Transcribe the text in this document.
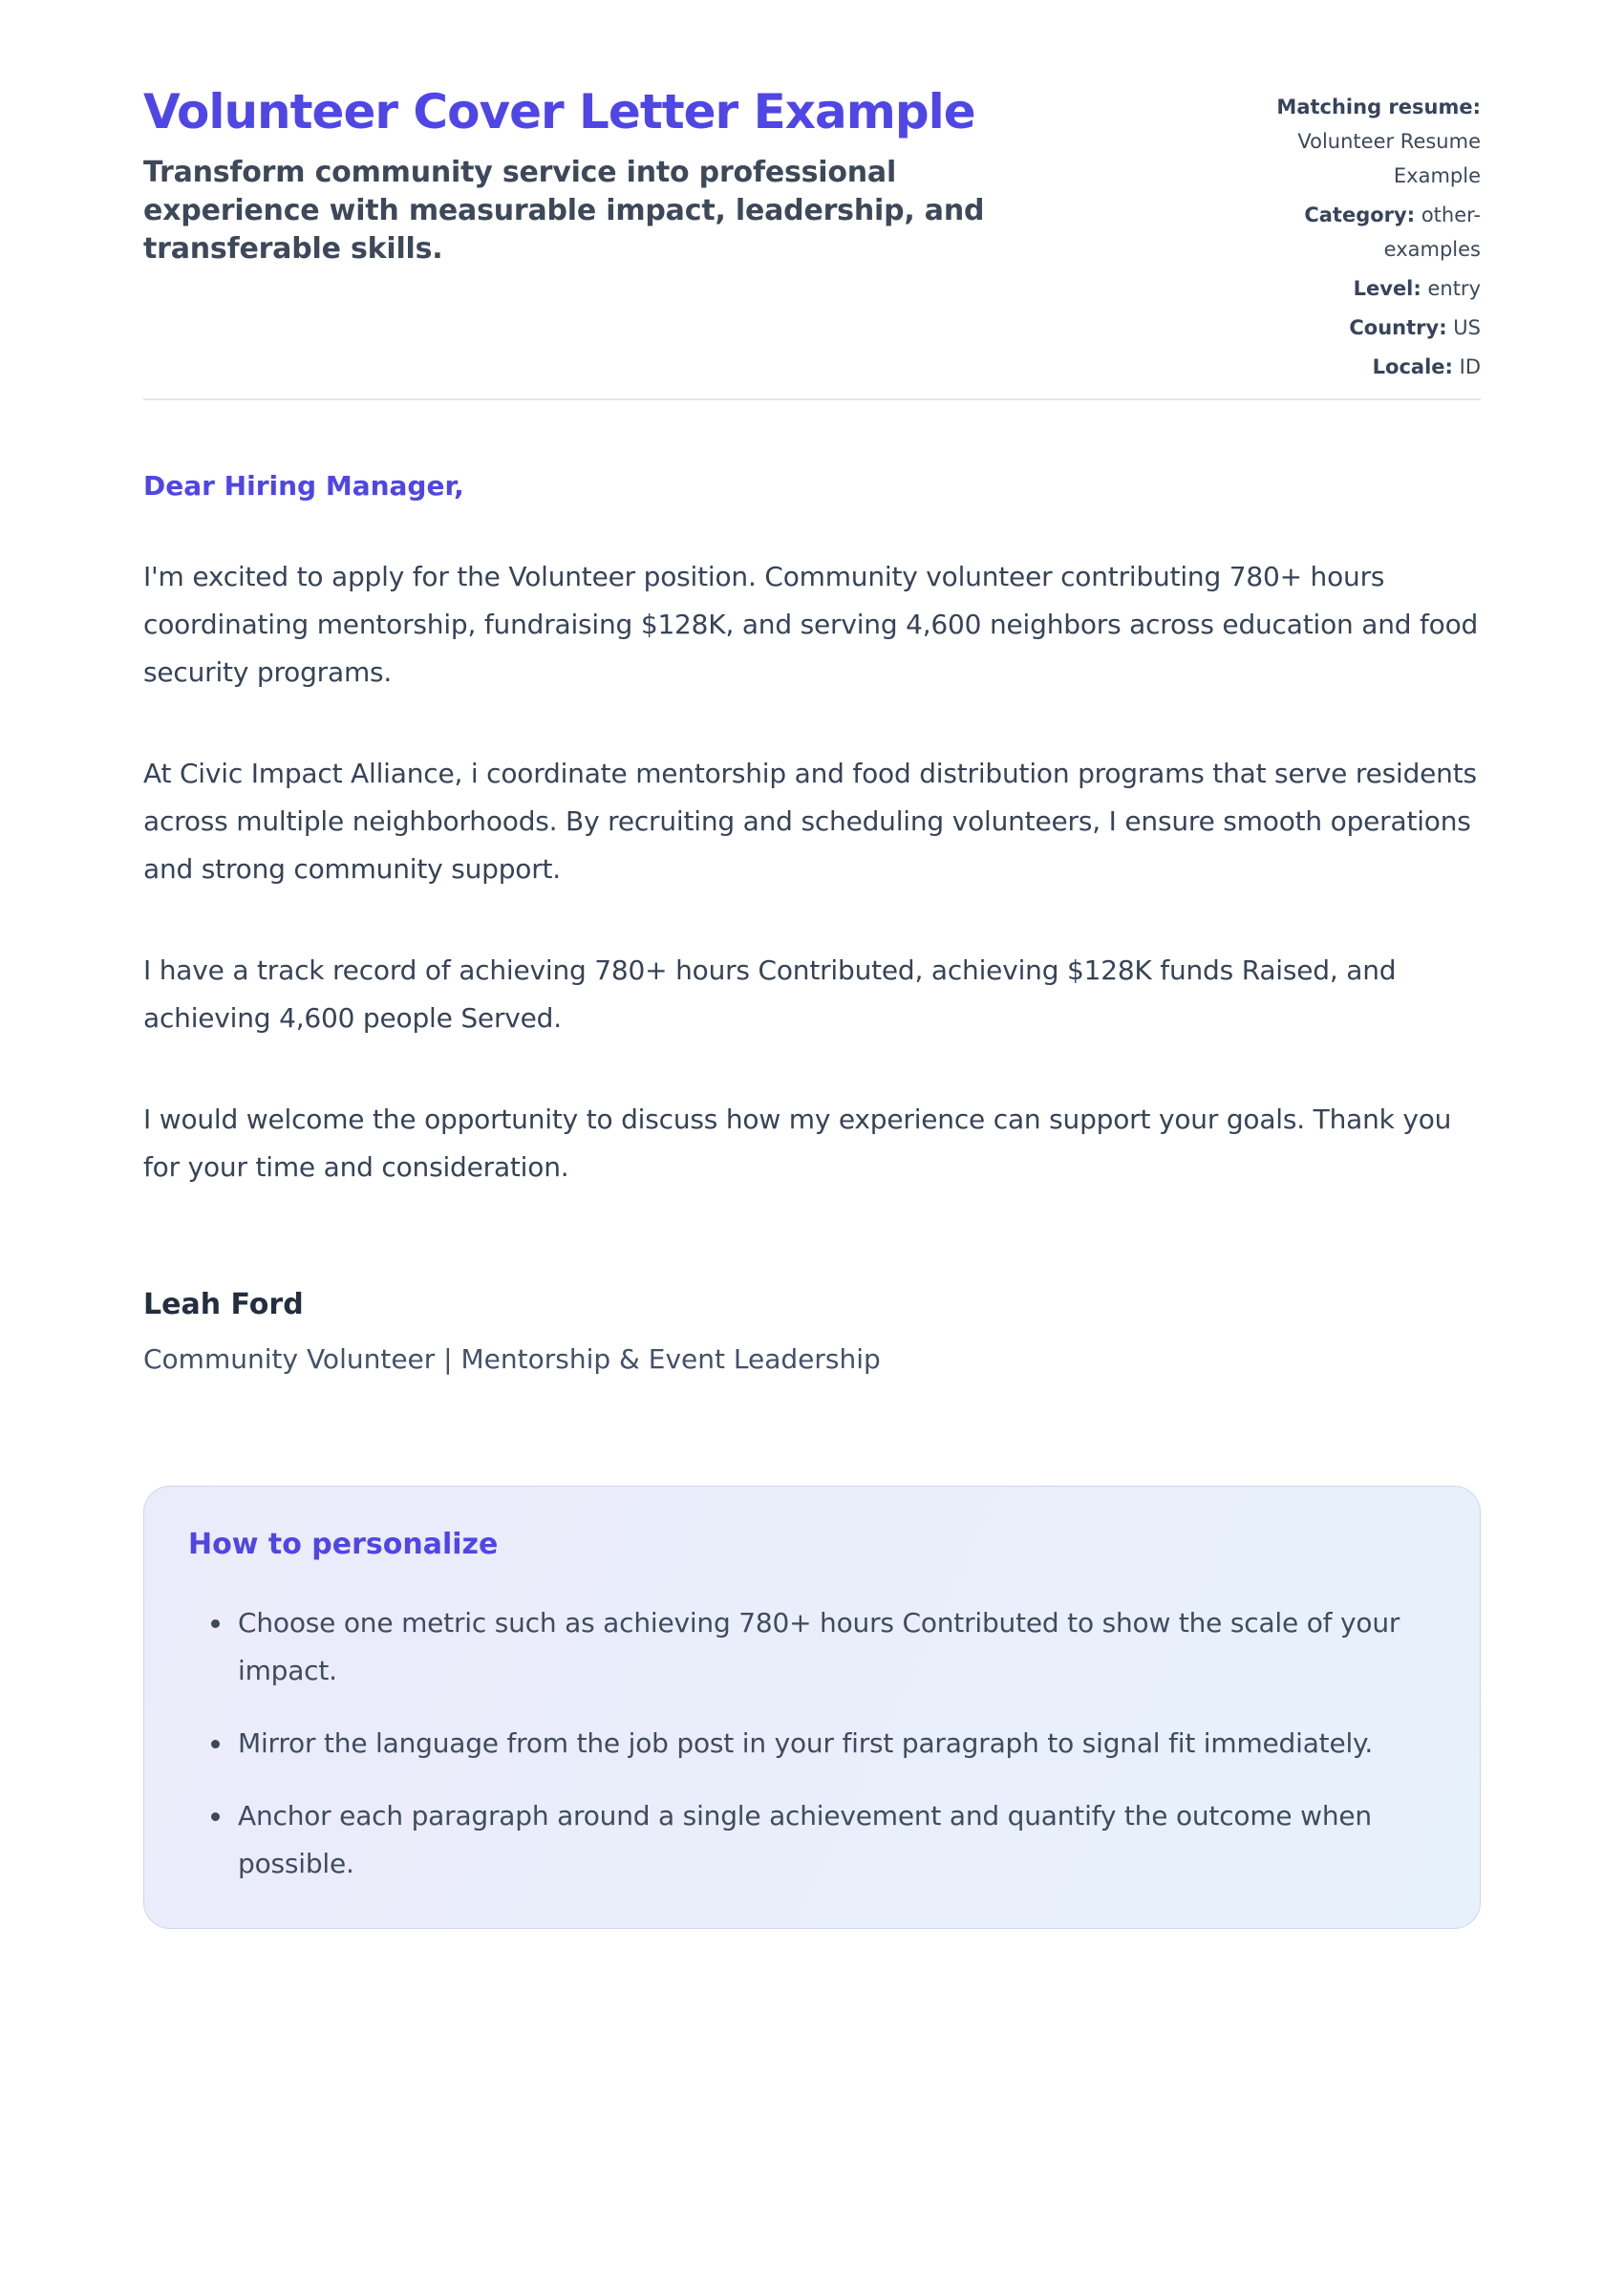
Volunteer Cover Letter Example

Transform community service into professional experience with measurable impact, leadership, and transferable skills.

Matching resume: Volunteer Resume Example
Category: other-examples
Level: entry
Country: US
Locale: ID

Dear Hiring Manager,

I'm excited to apply for the Volunteer position. Community volunteer contributing 780+ hours coordinating mentorship, fundraising $128K, and serving 4,600 neighbors across education and food security programs.

At Civic Impact Alliance, i coordinate mentorship and food distribution programs that serve residents across multiple neighborhoods. By recruiting and scheduling volunteers, I ensure smooth operations and strong community support.

I have a track record of achieving 780+ hours Contributed, achieving $128K funds Raised, and achieving 4,600 people Served.

I would welcome the opportunity to discuss how my experience can support your goals. Thank you for your time and consideration.

Leah Ford

Community Volunteer | Mentorship & Event Leadership

How to personalize
Choose one metric such as achieving 780+ hours Contributed to show the scale of your impact.
Mirror the language from the job post in your first paragraph to signal fit immediately.
Anchor each paragraph around a single achievement and quantify the outcome when possible.
